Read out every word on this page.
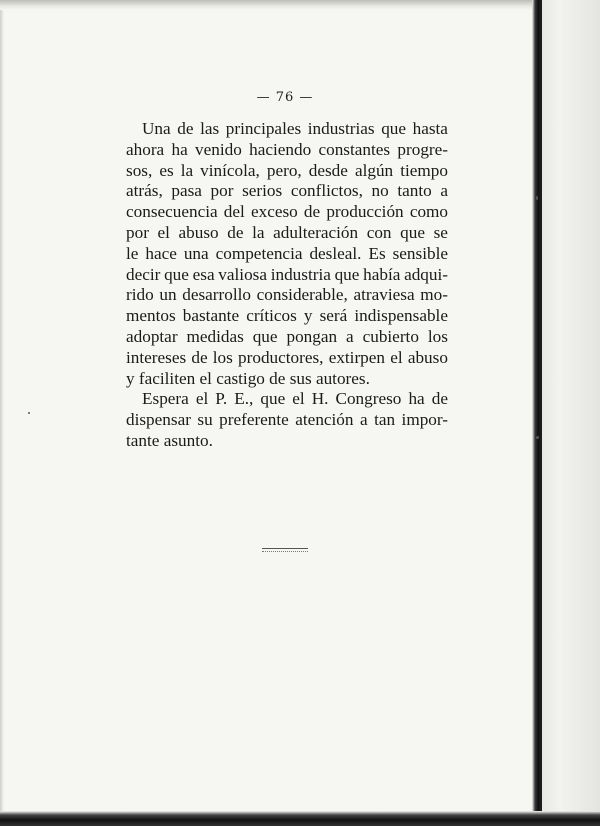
— 76 —
Una de las principales industrias que hasta
ahora ha venido haciendo constantes progre-
sos, es la vinícola, pero, desde algún tiempo
atrás, pasa por serios conflictos, no tanto a
consecuencia del exceso de producción como
por el abuso de la adulteración con que se
le hace una competencia desleal. Es sensible
decir que esa valiosa industria que había adqui-
rido un desarrollo considerable, atraviesa mo-
mentos bastante críticos y será indispensable
adoptar medidas que pongan a cubierto los
intereses de los productores, extirpen el abuso
y faciliten el castigo de sus autores.
Espera el P. E., que el H. Congreso ha de
dispensar su preferente atención a tan impor-
tante asunto.
